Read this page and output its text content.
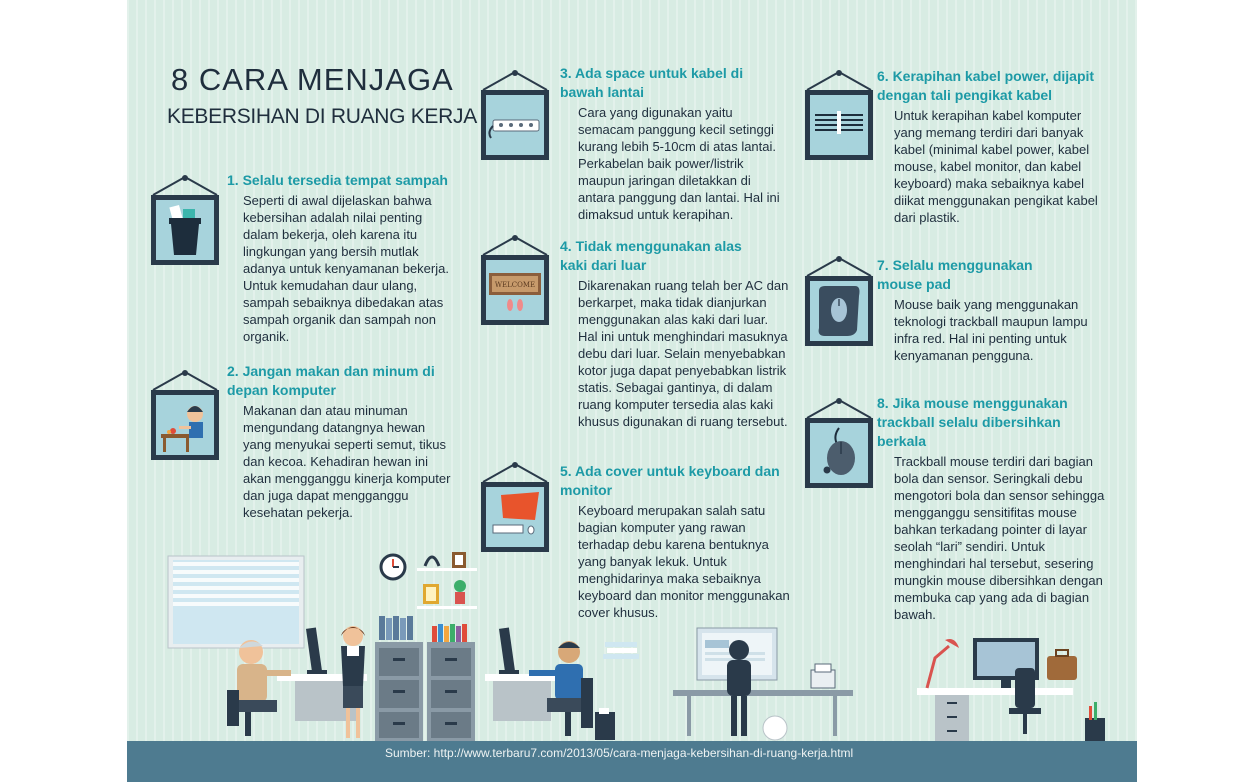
8 CARA MENJAGA
KEBERSIHAN DI RUANG KERJA
1. Selalu tersedia tempat sampah
Seperti di awal dijelaskan bahwa kebersihan adalah nilai penting dalam bekerja, oleh karena itu lingkungan yang bersih mutlak adanya untuk kenyamanan bekerja. Untuk kemudahan daur ulang, sampah sebaiknya dibedakan atas sampah organik dan sampah non organik.
2. Jangan makan dan minum di depan komputer
Makanan dan atau minuman mengundang datangnya hewan yang menyukai seperti semut, tikus dan kecoa. Kehadiran hewan ini akan mengganggu kinerja komputer dan juga dapat mengganggu kesehatan pekerja.
3. Ada space untuk kabel di bawah lantai
Cara yang digunakan yaitu semacam panggung kecil setinggi kurang lebih 5-10cm di atas lantai. Perkabelan baik power/listrik maupun jaringan diletakkan di antara panggung dan lantai. Hal ini dimaksud untuk kerapihan.
WELCOME
4. Tidak menggunakan alas kaki dari luar
Dikarenakan ruang telah ber AC dan berkarpet, maka tidak dianjurkan menggunakan alas kaki dari luar. Hal ini untuk menghindari masuknya debu dari luar. Selain menyebabkan kotor juga dapat penyebabkan listrik statis. Sebagai gantinya, di dalam ruang komputer tersedia alas kaki khusus digunakan di ruang tersebut.
5. Ada cover untuk keyboard dan monitor
Keyboard merupakan salah satu bagian komputer yang rawan terhadap debu karena bentuknya yang banyak lekuk. Untuk menghidarinya maka sebaiknya keyboard dan monitor menggunakan cover khusus.
6. Kerapihan kabel power, dijapit dengan tali pengikat kabel
Untuk kerapihan kabel komputer yang memang terdiri dari banyak kabel (minimal kabel power, kabel mouse, kabel monitor, dan kabel keyboard) maka sebaiknya kabel diikat menggunakan pengikat kabel dari plastik.
7. Selalu menggunakan mouse pad
Mouse baik yang menggunakan teknologi trackball maupun lampu infra red. Hal ini penting untuk kenyamanan pengguna.
8. Jika mouse menggunakan trackball selalu dibersihkan berkala
Trackball mouse terdiri dari bagian bola dan sensor. Seringkali debu mengotori bola dan sensor sehingga mengganggu sensitifitas mouse bahkan terkadang pointer di layar seolah “lari” sendiri. Untuk menghindari hal tersebut, sesering mungkin mouse dibersihkan dengan membuka cap yang ada di bagian bawah.
Sumber: http://www.terbaru7.com/2013/05/cara-menjaga-kebersihan-di-ruang-kerja.html
